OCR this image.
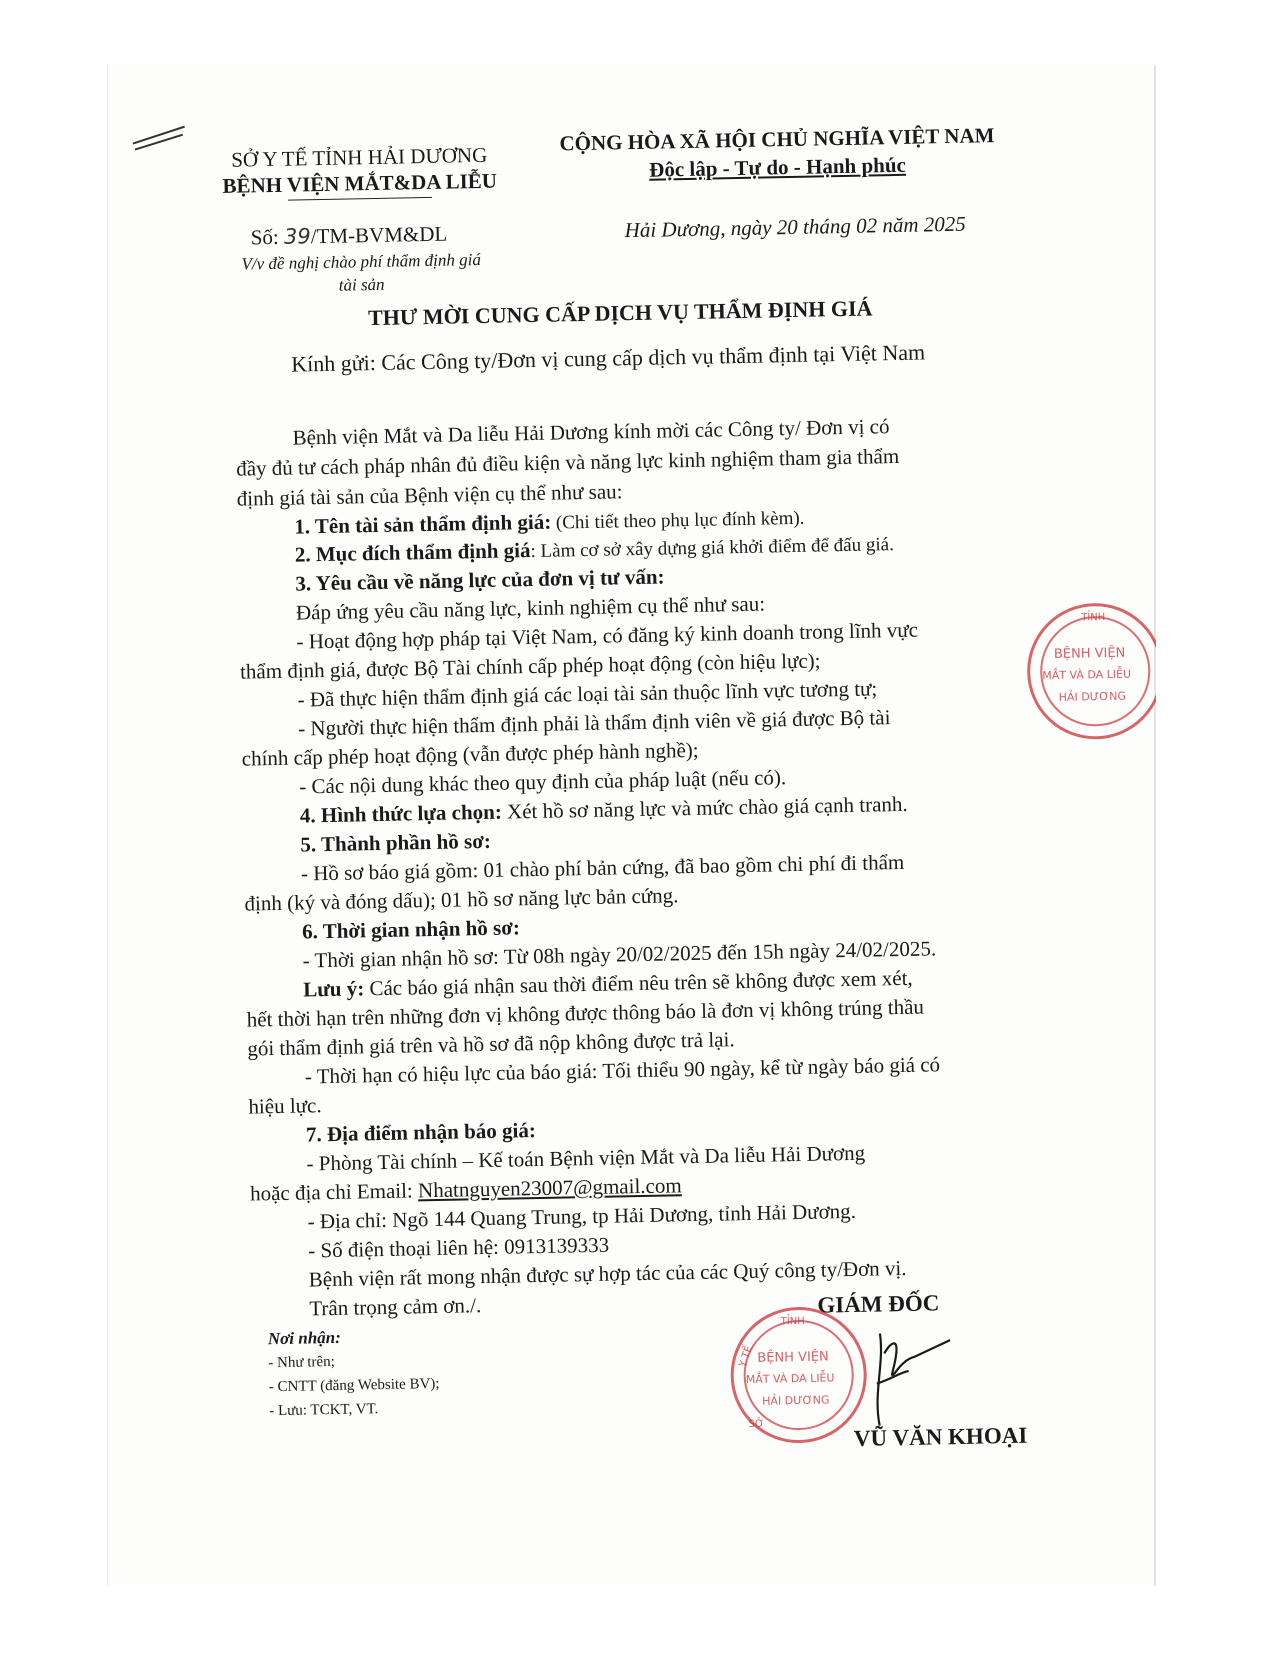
SỞ Y TẾ TỈNH HẢI DƯƠNG
BỆNH VIỆN MẮT&DA LIỄU
CỘNG HÒA XÃ HỘI CHỦ NGHĨA VIỆT NAM
Độc lập - Tự do - Hạnh phúc
Số: 39/TM-BVM&DL
V/v đề nghị chào phí thẩm định giá
tài sản
Hải Dương, ngày 20 tháng 02 năm 2025
THƯ MỜI CUNG CẤP DỊCH VỤ THẨM ĐỊNH GIÁ
Kính gửi: Các Công ty/Đơn vị cung cấp dịch vụ thẩm định tại Việt Nam
Bệnh viện Mắt và Da liễu Hải Dương kính mời các Công ty/ Đơn vị có
đầy đủ tư cách pháp nhân đủ điều kiện và năng lực kinh nghiệm tham gia thẩm
định giá tài sản của Bệnh viện cụ thể như sau:
1. Tên tài sản thẩm định giá: (Chi tiết theo phụ lục đính kèm).
2. Mục đích thẩm định giá: Làm cơ sở xây dựng giá khởi điểm để đấu giá.
3. Yêu cầu về năng lực của đơn vị tư vấn:
Đáp ứng yêu cầu năng lực, kinh nghiệm cụ thể như sau:
- Hoạt động hợp pháp tại Việt Nam, có đăng ký kinh doanh trong lĩnh vực
thẩm định giá, được Bộ Tài chính cấp phép hoạt động (còn hiệu lực);
- Đã thực hiện thẩm định giá các loại tài sản thuộc lĩnh vực tương tự;
- Người thực hiện thẩm định phải là thẩm định viên về giá được Bộ tài
chính cấp phép hoạt động (vẫn được phép hành nghề);
- Các nội dung khác theo quy định của pháp luật (nếu có).
4. Hình thức lựa chọn: Xét hồ sơ năng lực và mức chào giá cạnh tranh.
5. Thành phần hồ sơ:
- Hồ sơ báo giá gồm: 01 chào phí bản cứng, đã bao gồm chi phí đi thẩm
định (ký và đóng dấu); 01 hồ sơ năng lực bản cứng.
6. Thời gian nhận hồ sơ:
- Thời gian nhận hồ sơ: Từ 08h ngày 20/02/2025 đến 15h ngày 24/02/2025.
Lưu ý: Các báo giá nhận sau thời điểm nêu trên sẽ không được xem xét,
hết thời hạn trên những đơn vị không được thông báo là đơn vị không trúng thầu
gói thẩm định giá trên và hồ sơ đã nộp không được trả lại.
- Thời hạn có hiệu lực của báo giá: Tối thiểu 90 ngày, kể từ ngày báo giá có
hiệu lực.
7. Địa điểm nhận báo giá:
- Phòng Tài chính – Kế toán Bệnh viện Mắt và Da liễu Hải Dương
hoặc địa chỉ Email: Nhatnguyen23007@gmail.com
- Địa chỉ: Ngõ 144 Quang Trung, tp Hải Dương, tỉnh Hải Dương.
- Số điện thoại liên hệ: 0913139333
Bệnh viện rất mong nhận được sự hợp tác của các Quý công ty/Đơn vị.
Trân trọng cảm ơn./.
Nơi nhận:
- Như trên;
- CNTT (đăng Website BV);
- Lưu: TCKT, VT.
GIÁM ĐỐC
TỈNH
Y TẾ BỆNH VIỆN
MẮT VÀ DA LIỄU
HẢI DƯƠNG
SỞ	VŨ VĂN KHOẠI
TỈNH
BỆNH VIỆN
MẮT VÀ DA LIỄU
HẢI DƯƠNG
